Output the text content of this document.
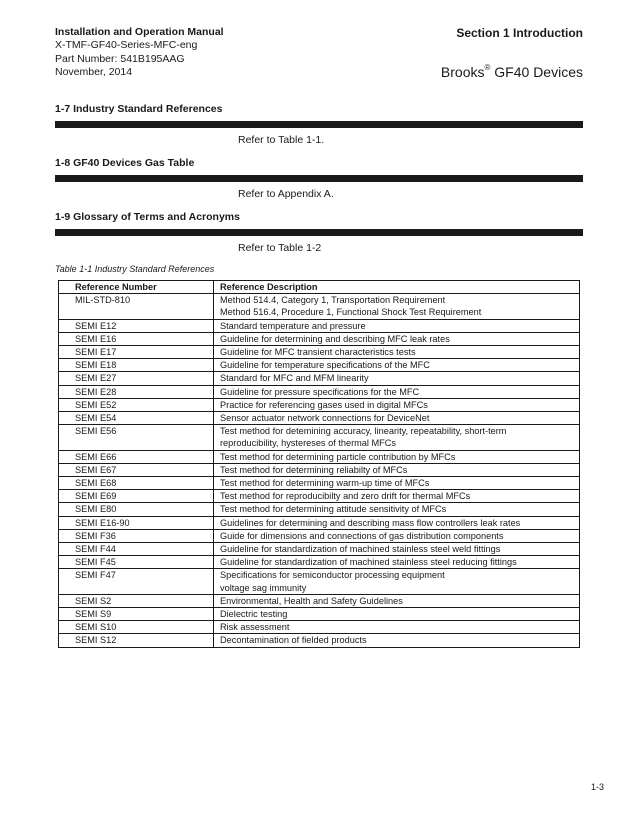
Installation and Operation Manual
X-TMF-GF40-Series-MFC-eng
Part Number: 541B195AAG
November, 2014
Section 1 Introduction
Brooks® GF40 Devices
1-7 Industry Standard References
Refer to Table 1-1.
1-8 GF40 Devices Gas Table
Refer to Appendix A.
1-9 Glossary of Terms and Acronyms
Refer to Table 1-2
Table 1-1 Industry Standard References
Reference Number	Reference Description
MIL-STD-810	Method 514.4, Category 1, Transportation Requirement
Method 516.4, Procedure 1, Functional Shock Test Requirement
SEMI E12	Standard temperature and pressure
SEMI E16	Guideline for determining and describing MFC leak rates
SEMI E17	Guideline for MFC transient characteristics tests
SEMI E18	Guideline for temperature specifications of the MFC
SEMI E27	Standard for MFC and MFM linearity
SEMI E28	Guideline for pressure specifications for the MFC
SEMI E52	Practice for referencing gases used in digital MFCs
SEMI E54	Sensor actuator network connections for DeviceNet
SEMI E56	Test method for detemining accuracy, linearity, repeatability, short-term
reproducibility, hystereses of thermal MFCs
SEMI E66	Test method for determining particle contribution by MFCs
SEMI E67	Test method for determining reliabilty of MFCs
SEMI E68	Test method for determining warm-up time of MFCs
SEMI E69	Test method for reproducibilty and zero drift for thermal MFCs
SEMI E80	Test method for determining attitude sensitivity of MFCs
SEMI E16-90	Guidelines for determining and describing mass flow controllers leak rates
SEMI F36	Guide for dimensions and connections of gas distribution components
SEMI F44	Guideline for standardization of machined stainless steel weld fittings
SEMI F45	Guideline for standardization of machined stainless steel reducing fittings
SEMI F47	Specifications for semiconductor processing equipment
voltage sag immunity
SEMI S2	Environmental, Health and Safety Guidelines
SEMI S9	Dielectric testing
SEMI S10	Risk assessment
SEMI S12	Decontamination of fielded products
1-3
